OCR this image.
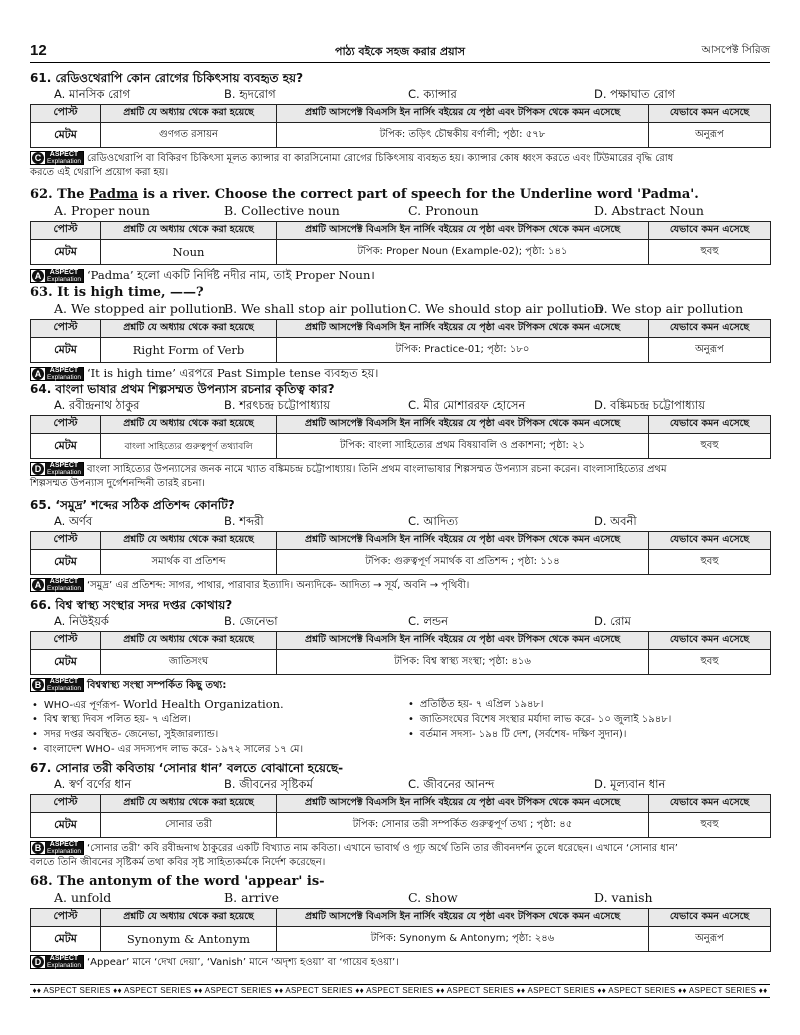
12	পাঠ্য বইকে সহজ করার প্রয়াস	আসপেক্ট সিরিজ
61. রেডিওথেরাপি কোন রোগের চিকিৎসায় ব্যবহৃত হয়?
A. মানসিক রোগ	B. হৃদরোগ	C. ক্যান্সার	D. পক্ষাঘাত রোগ
পোস্ট	প্রশ্নটি যে অধ্যায় থেকে করা হয়েছে	প্রশ্নটি আসপেক্ট বিএসসি ইন নার্সিং বইয়ের যে পৃষ্ঠা এবং টপিকস থেকে কমন এসেছে	যেভাবে কমন এসেছে
মেটম	গুণগত রসায়ন	টপিক: তড়িৎ চৌম্বকীয় বর্ণালী; পৃষ্ঠা: ৫৭৮	অনুরূপ
C	ASPECT
Explanation রেডিওথেরাপি বা বিকিরণ চিকিৎসা মূলত ক্যান্সার বা কারসিনোমা রোগের চিকিৎসায় ব্যবহৃত হয়। ক্যান্সার কোষ ধ্বংস করতে এবং টিউমারের বৃদ্ধি রোধ
করতে এই থেরাপি প্রয়োগ করা হয়।
62. The Padma is a river. Choose the correct part of speech for the Underline word 'Padma'.
A. Proper noun	B. Collective noun	C. Pronoun	D. Abstract Noun
পোস্ট	প্রশ্নটি যে অধ্যায় থেকে করা হয়েছে	প্রশ্নটি আসপেক্ট বিএসসি ইন নার্সিং বইয়ের যে পৃষ্ঠা এবং টপিকস থেকে কমন এসেছে	যেভাবে কমন এসেছে
মেটম	Noun	টপিক: Proper Noun (Example-02); পৃষ্ঠা: ১৪১	হুবহু
A	ASPECT
Explanation ‘Padma’ হলো একটি নির্দিষ্ট নদীর নাম, তাই Proper Noun।
63. It is high time, ——?
A. We stopped air pollution
B. We shall stop air pollution C. We should stop air pollution
D. We stop air pollution
পোস্ট	প্রশ্নটি যে অধ্যায় থেকে করা হয়েছে	প্রশ্নটি আসপেক্ট বিএসসি ইন নার্সিং বইয়ের যে পৃষ্ঠা এবং টপিকস থেকে কমন এসেছে	যেভাবে কমন এসেছে
মেটম	Right Form of Verb	টপিক: Practice-01; পৃষ্ঠা: ১৮০	অনুরূপ
A	ASPECT
Explanation ‘It is high time’ এরপরে Past Simple tense ব্যবহৃত হয়।
64. বাংলা ভাষার প্রথম শিল্পসম্মত উপন্যাস রচনার কৃতিত্ব কার?
A. রবীন্দ্রনাথ ঠাকুর	B. শরৎচন্দ্র চট্টোপাধ্যায়	C. মীর মোশাররফ হোসেন	D. বঙ্কিমচন্দ্র চট্টোপাধ্যায়
পোস্ট	প্রশ্নটি যে অধ্যায় থেকে করা হয়েছে	প্রশ্নটি আসপেক্ট বিএসসি ইন নার্সিং বইয়ের যে পৃষ্ঠা এবং টপিকস থেকে কমন এসেছে	যেভাবে কমন এসেছে
মেটম	বাংলা সাহিত্যের গুরুত্বপূর্ণ তথ্যাবলি	টপিক: বাংলা সাহিত্যের প্রথম বিষয়াবলি ও প্রকাশনা; পৃষ্ঠা: ২১	হুবহু
D	ASPECT
Explanation বাংলা সাহিত্যের উপন্যাসের জনক নামে খ্যাত বঙ্কিমচন্দ্র চট্টোপাধ্যায়। তিনি প্রথম বাংলাভাষার শিল্পসম্মত উপন্যাস রচনা করেন। বাংলাসাহিত্যের প্রথম
শিল্পসম্মত উপন্যাস দুর্গেশনন্দিনী তারই রচনা।
65. ‘সমুদ্র’ শব্দের সঠিক প্রতিশব্দ কোনটি?
A. অর্ণব	B. শব্দরী	C. আদিত্য	D. অবনী
পোস্ট	প্রশ্নটি যে অধ্যায় থেকে করা হয়েছে	প্রশ্নটি আসপেক্ট বিএসসি ইন নার্সিং বইয়ের যে পৃষ্ঠা এবং টপিকস থেকে কমন এসেছে	যেভাবে কমন এসেছে
মেটম	সমার্থক বা প্রতিশব্দ	টপিক: গুরুত্বপূর্ণ সমার্থক বা প্রতিশব্দ ; পৃষ্ঠা: ১১৪	হুবহু
A	ASPECT
Explanation ‘সমুদ্র’ এর প্রতিশব্দ: সাগর, পাথার, পারাবার ইত্যাদি। অন্যদিকে- আদিত্য → সূর্য, অবনি → পৃথিবী।
66. বিশ্ব স্বাস্থ্য সংস্থার সদর দপ্তর কোথায়?
A. নিউইয়র্ক	B. জেনেভা	C. লন্ডন	D. রোম
পোস্ট	প্রশ্নটি যে অধ্যায় থেকে করা হয়েছে	প্রশ্নটি আসপেক্ট বিএসসি ইন নার্সিং বইয়ের যে পৃষ্ঠা এবং টপিকস থেকে কমন এসেছে	যেভাবে কমন এসেছে
মেটম	জাতিসংঘ	টপিক: বিশ্ব স্বাস্থ্য সংস্থা; পৃষ্ঠা: ৪১৬	হুবহু
B	ASPECT
Explanation বিশ্বস্বাস্থ্য সংস্থা সম্পর্কিত কিছু তথ্য:
• WHO-এর পূর্ণরূপ- World Health Organization.
• বিশ্ব স্বাস্থ্য দিবস পলিত হয়- ৭ এপ্রিল।
• সদর দপ্তর অবস্থিত- জেনেভা, সুইজারল্যান্ড।
• বাংলাদেশ WHO- এর সদস্যপদ লাভ করে- ১৯৭২ সালের ১৭ মে।
• প্রতিষ্ঠিত হয়- ৭ এপ্রিল ১৯৪৮।
• জাতিসংঘের বিশেষ সংস্থার মর্যাদা লাভ করে- ১০ জুলাই ১৯৪৮।
• বর্তমান সদস্য- ১৯৪ টি দেশ, (সর্বশেষ- দক্ষিণ সুদান)।
67. সোনার তরী কবিতায় ‘সোনার ধান’ বলতে বোঝানো হয়েছে-
A. স্বর্ণ বর্ণের ধান	B. জীবনের সৃষ্টিকর্ম	C. জীবনের আনন্দ	D. মূল্যবান ধান
পোস্ট	প্রশ্নটি যে অধ্যায় থেকে করা হয়েছে	প্রশ্নটি আসপেক্ট বিএসসি ইন নার্সিং বইয়ের যে পৃষ্ঠা এবং টপিকস থেকে কমন এসেছে	যেভাবে কমন এসেছে
মেটম	সোনার তরী	টপিক: সোনার তরী সম্পর্কিত গুরুত্বপূর্ণ তথ্য ; পৃষ্ঠা: ৪৫	হুবহু
B	ASPECT
Explanation ‘সোনার তরী’ কবি রবীন্দ্রনাথ ঠাকুরের একটি বিখ্যাত নাম কবিতা। এখানে ভাবার্থ ও গূঢ় অর্থে তিনি তার জীবনদর্শন তুলে ধরেছেন। এখানে ‘সোনার ধান’
বলতে তিনি জীবনের সৃষ্টিকর্ম তথা কবির সৃষ্ট সাহিত্যকর্মকে নির্দেশ করেছেন।
68. The antonym of the word 'appear' is-
A. unfold	B. arrive	C. show	D. vanish
পোস্ট	প্রশ্নটি যে অধ্যায় থেকে করা হয়েছে	প্রশ্নটি আসপেক্ট বিএসসি ইন নার্সিং বইয়ের যে পৃষ্ঠা এবং টপিকস থেকে কমন এসেছে	যেভাবে কমন এসেছে
মেটম	Synonym & Antonym	টপিক: Synonym & Antonym; পৃষ্ঠা: ২৪৬	অনুরূপ
D	ASPECT
Explanation ‘Appear’ মানে ‘দেখা দেয়া’, ‘Vanish’ মানে ‘অদৃশ্য হওয়া’ বা ‘গায়েব হওয়া’।
♦♦ ASPECT SERIES ♦♦ ASPECT SERIES ♦♦ ASPECT SERIES ♦♦ ASPECT SERIES ♦♦ ASPECT SERIES ♦♦ ASPECT SERIES ♦♦ ASPECT SERIES ♦♦ ASPECT SERIES ♦♦ ASPECT SERIES ♦♦
